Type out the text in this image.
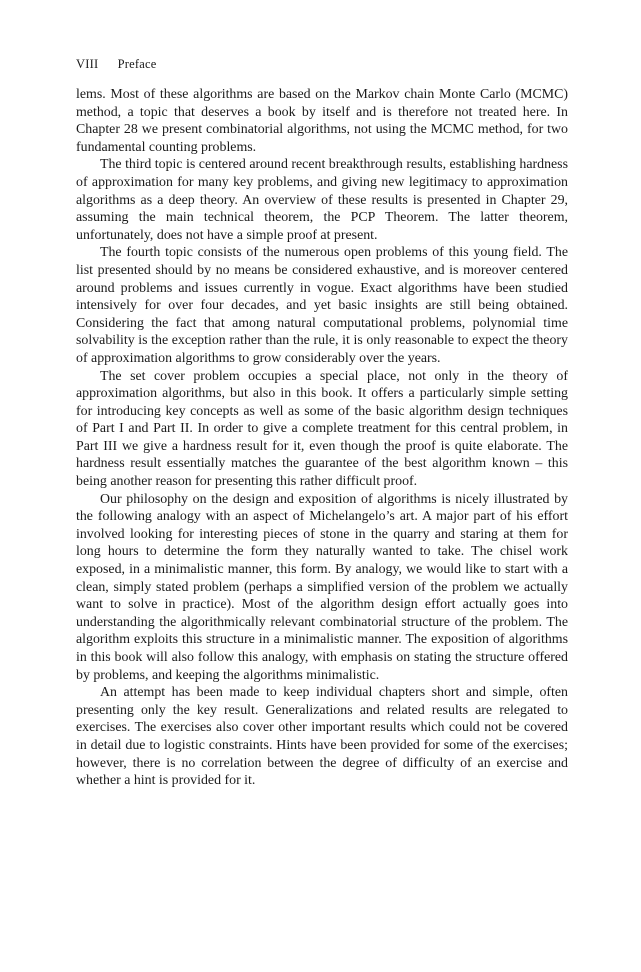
VIII Preface

lems. Most of these algorithms are based on the Markov chain Monte Carlo (MCMC) method, a topic that deserves a book by itself and is therefore not treated here. In Chapter 28 we present combinatorial algorithms, not using the MCMC method, for two fundamental counting problems.

The third topic is centered around recent breakthrough results, establishing hardness of approximation for many key problems, and giving new legitimacy to approximation algorithms as a deep theory. An overview of these results is presented in Chapter 29, assuming the main technical theorem, the PCP Theorem. The latter theorem, unfortunately, does not have a simple proof at present.

The fourth topic consists of the numerous open problems of this young field. The list presented should by no means be considered exhaustive, and is moreover centered around problems and issues currently in vogue. Exact algorithms have been studied intensively for over four decades, and yet basic insights are still being obtained. Considering the fact that among natural computational problems, polynomial time solvability is the exception rather than the rule, it is only reasonable to expect the theory of approximation algorithms to grow considerably over the years.

The set cover problem occupies a special place, not only in the theory of approximation algorithms, but also in this book. It offers a particularly simple setting for introducing key concepts as well as some of the basic algorithm design techniques of Part I and Part II. In order to give a complete treatment for this central problem, in Part III we give a hardness result for it, even though the proof is quite elaborate. The hardness result essentially matches the guarantee of the best algorithm known – this being another reason for presenting this rather difficult proof.

Our philosophy on the design and exposition of algorithms is nicely illustrated by the following analogy with an aspect of Michelangelo’s art. A major part of his effort involved looking for interesting pieces of stone in the quarry and staring at them for long hours to determine the form they naturally wanted to take. The chisel work exposed, in a minimalistic manner, this form. By analogy, we would like to start with a clean, simply stated problem (perhaps a simplified version of the problem we actually want to solve in practice). Most of the algorithm design effort actually goes into understanding the algorithmically relevant combinatorial structure of the problem. The algorithm exploits this structure in a minimalistic manner. The exposition of algorithms in this book will also follow this analogy, with emphasis on stating the structure offered by problems, and keeping the algorithms minimalistic.

An attempt has been made to keep individual chapters short and simple, often presenting only the key result. Generalizations and related results are relegated to exercises. The exercises also cover other important results which could not be covered in detail due to logistic constraints. Hints have been provided for some of the exercises; however, there is no correlation between the degree of difficulty of an exercise and whether a hint is provided for it.
